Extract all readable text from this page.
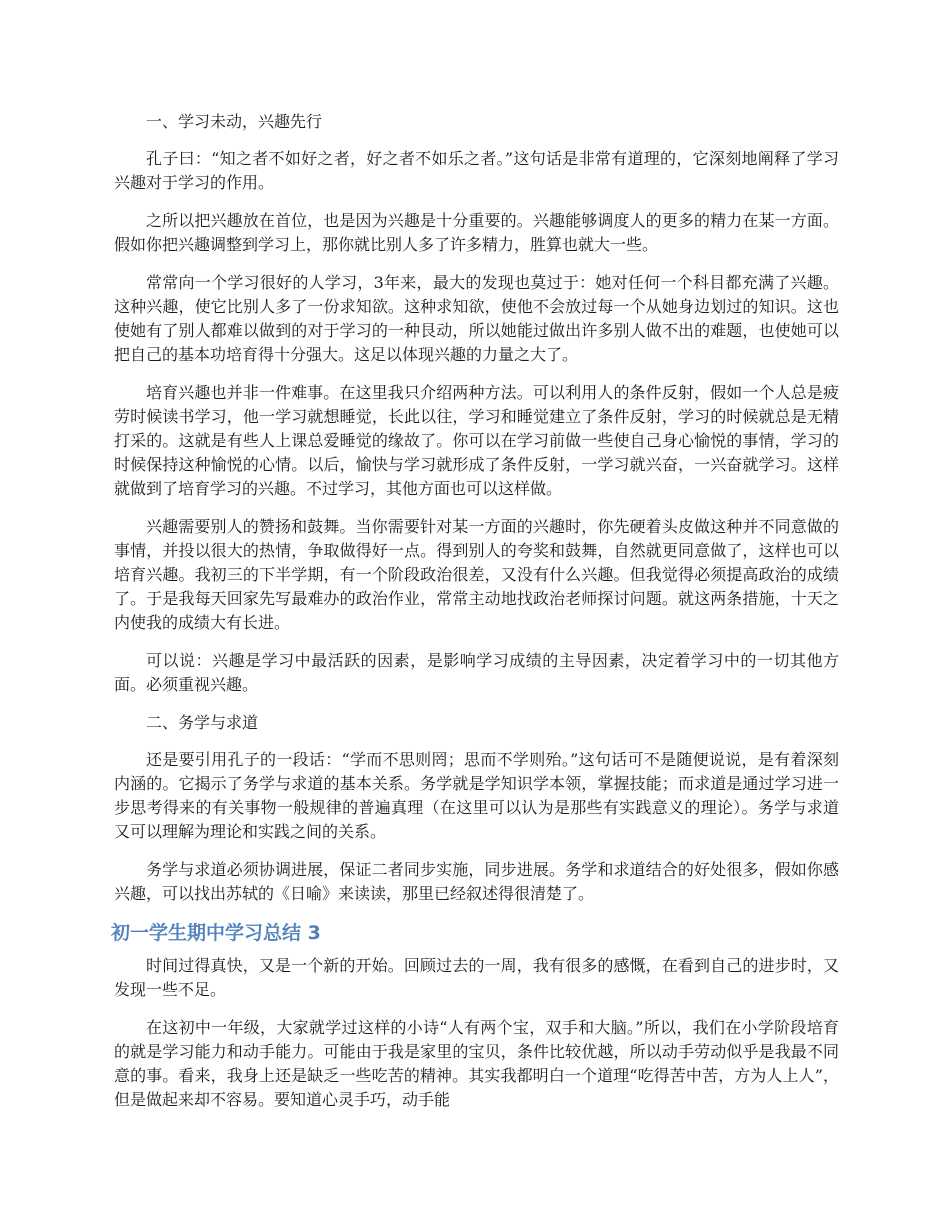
一、学习未动，兴趣先行

孔子曰：“知之者不如好之者，好之者不如乐之者。”这句话是非常有道理的，它深刻地阐释了学习兴趣对于学习的作用。

之所以把兴趣放在首位，也是因为兴趣是十分重要的。兴趣能够调度人的更多的精力在某一方面。假如你把兴趣调整到学习上，那你就比别人多了许多精力，胜算也就大一些。

常常向一个学习很好的人学习，3年来，最大的发现也莫过于：她对任何一个科目都充满了兴趣。这种兴趣，使它比别人多了一份求知欲。这种求知欲，使他不会放过每一个从她身边划过的知识。这也使她有了别人都难以做到的对于学习的一种艮动，所以她能过做出许多别人做不出的难题，也使她可以把自己的基本功培育得十分强大。这足以体现兴趣的力量之大了。

培育兴趣也并非一件难事。在这里我只介绍两种方法。可以利用人的条件反射，假如一个人总是疲劳时候读书学习，他一学习就想睡觉，长此以往，学习和睡觉建立了条件反射，学习的时候就总是无精打采的。这就是有些人上课总爱睡觉的缘故了。你可以在学习前做一些使自己身心愉悦的事情，学习的时候保持这种愉悦的心情。以后，愉快与学习就形成了条件反射，一学习就兴奋，一兴奋就学习。这样就做到了培育学习的兴趣。不过学习，其他方面也可以这样做。

兴趣需要别人的赞扬和鼓舞。当你需要针对某一方面的兴趣时，你先硬着头皮做这种并不同意做的事情，并投以很大的热情，争取做得好一点。得到别人的夸奖和鼓舞，自然就更同意做了，这样也可以培育兴趣。我初三的下半学期，有一个阶段政治很差，又没有什么兴趣。但我觉得必须提高政治的成绩了。于是我每天回家先写最难办的政治作业，常常主动地找政治老师探讨问题。就这两条措施，十天之内使我的成绩大有长进。

可以说：兴趣是学习中最活跃的因素，是影响学习成绩的主导因素，决定着学习中的一切其他方面。必须重视兴趣。

二、务学与求道

还是要引用孔子的一段话：“学而不思则罔；思而不学则殆。”这句话可不是随便说说，是有着深刻内涵的。它揭示了务学与求道的基本关系。务学就是学知识学本领，掌握技能；而求道是通过学习进一步思考得来的有关事物一般规律的普遍真理（在这里可以认为是那些有实践意义的理论）。务学与求道又可以理解为理论和实践之间的关系。

务学与求道必须协调进展，保证二者同步实施，同步进展。务学和求道结合的好处很多，假如你感兴趣，可以找出苏轼的《日喻》来读读，那里已经叙述得很清楚了。

初一学生期中学习总结 3

时间过得真快，又是一个新的开始。回顾过去的一周，我有很多的感慨，在看到自己的进步时，又发现一些不足。

在这初中一年级，大家就学过这样的小诗“人有两个宝，双手和大脑。”所以，我们在小学阶段培育的就是学习能力和动手能力。可能由于我是家里的宝贝，条件比较优越，所以动手劳动似乎是我最不同意的事。看来，我身上还是缺乏一些吃苦的精神。其实我都明白一个道理“吃得苦中苦，方为人上人”，但是做起来却不容易。要知道心灵手巧，动手能
